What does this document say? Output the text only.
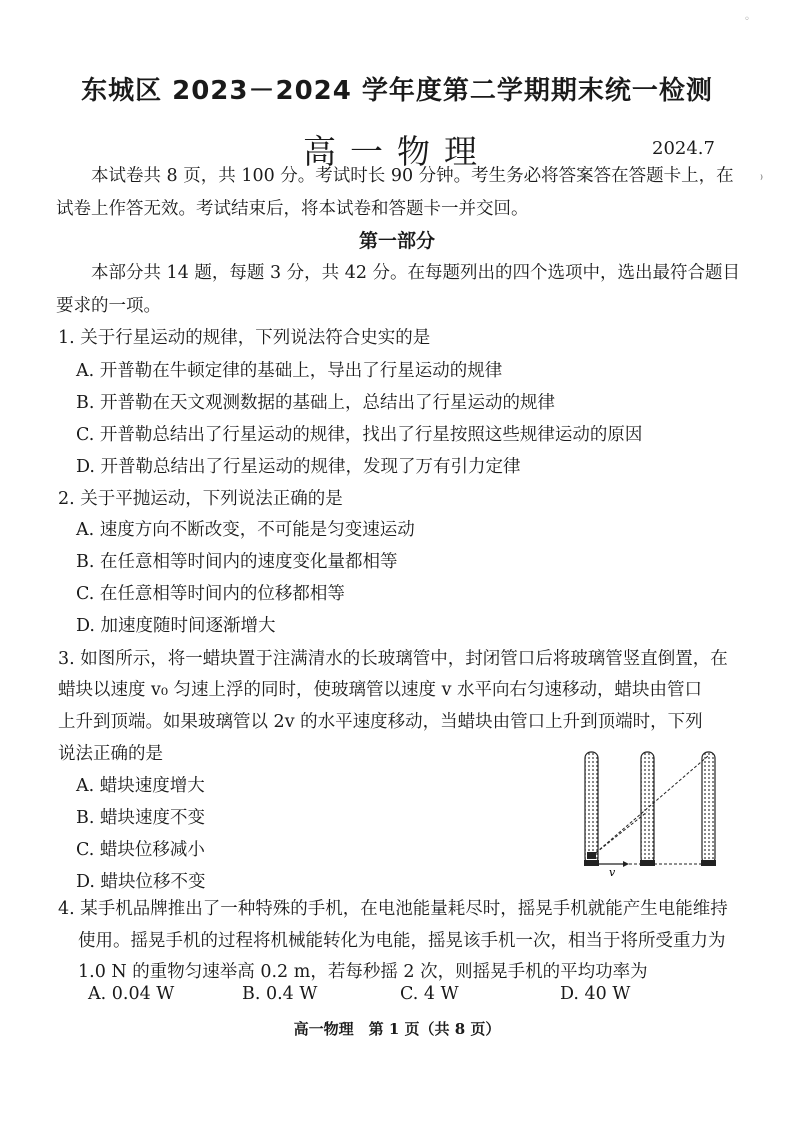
◦
⁾
东城区 2023－2024 学年度第二学期期末统一检测
高一物理	2024.7
本试卷共 8 页，共 100 分。考试时长 90 分钟。考生务必将答案答在答题卡上，在
试卷上作答无效。考试结束后，将本试卷和答题卡一并交回。
第一部分
本部分共 14 题，每题 3 分，共 42 分。在每题列出的四个选项中，选出最符合题目
要求的一项。
1. 关于行星运动的规律，下列说法符合史实的是
A. 开普勒在牛顿定律的基础上，导出了行星运动的规律
B. 开普勒在天文观测数据的基础上，总结出了行星运动的规律
C. 开普勒总结出了行星运动的规律，找出了行星按照这些规律运动的原因
D. 开普勒总结出了行星运动的规律，发现了万有引力定律
2. 关于平抛运动，下列说法正确的是
A. 速度方向不断改变，不可能是匀变速运动
B. 在任意相等时间内的速度变化量都相等
C. 在任意相等时间内的位移都相等
D. 加速度随时间逐渐增大
3. 如图所示，将一蜡块置于注满清水的长玻璃管中，封闭管口后将玻璃管竖直倒置，在
蜡块以速度 v₀ 匀速上浮的同时，使玻璃管以速度 v 水平向右匀速移动，蜡块由管口
上升到顶端。如果玻璃管以 2v 的水平速度移动，当蜡块由管口上升到顶端时，下列
说法正确的是
A. 蜡块速度增大
B. 蜡块速度不变
C. 蜡块位移减小
D. 蜡块位移不变	v
4. 某手机品牌推出了一种特殊的手机，在电池能量耗尽时，摇晃手机就能产生电能维持
使用。摇晃手机的过程将机械能转化为电能，摇晃该手机一次，相当于将所受重力为
1.0 N 的重物匀速举高 0.2 m，若每秒摇 2 次，则摇晃手机的平均功率为
A. 0.04 W	B. 0.4 W	C. 4 W	D. 40 W
高一物理　第 1 页（共 8 页）
